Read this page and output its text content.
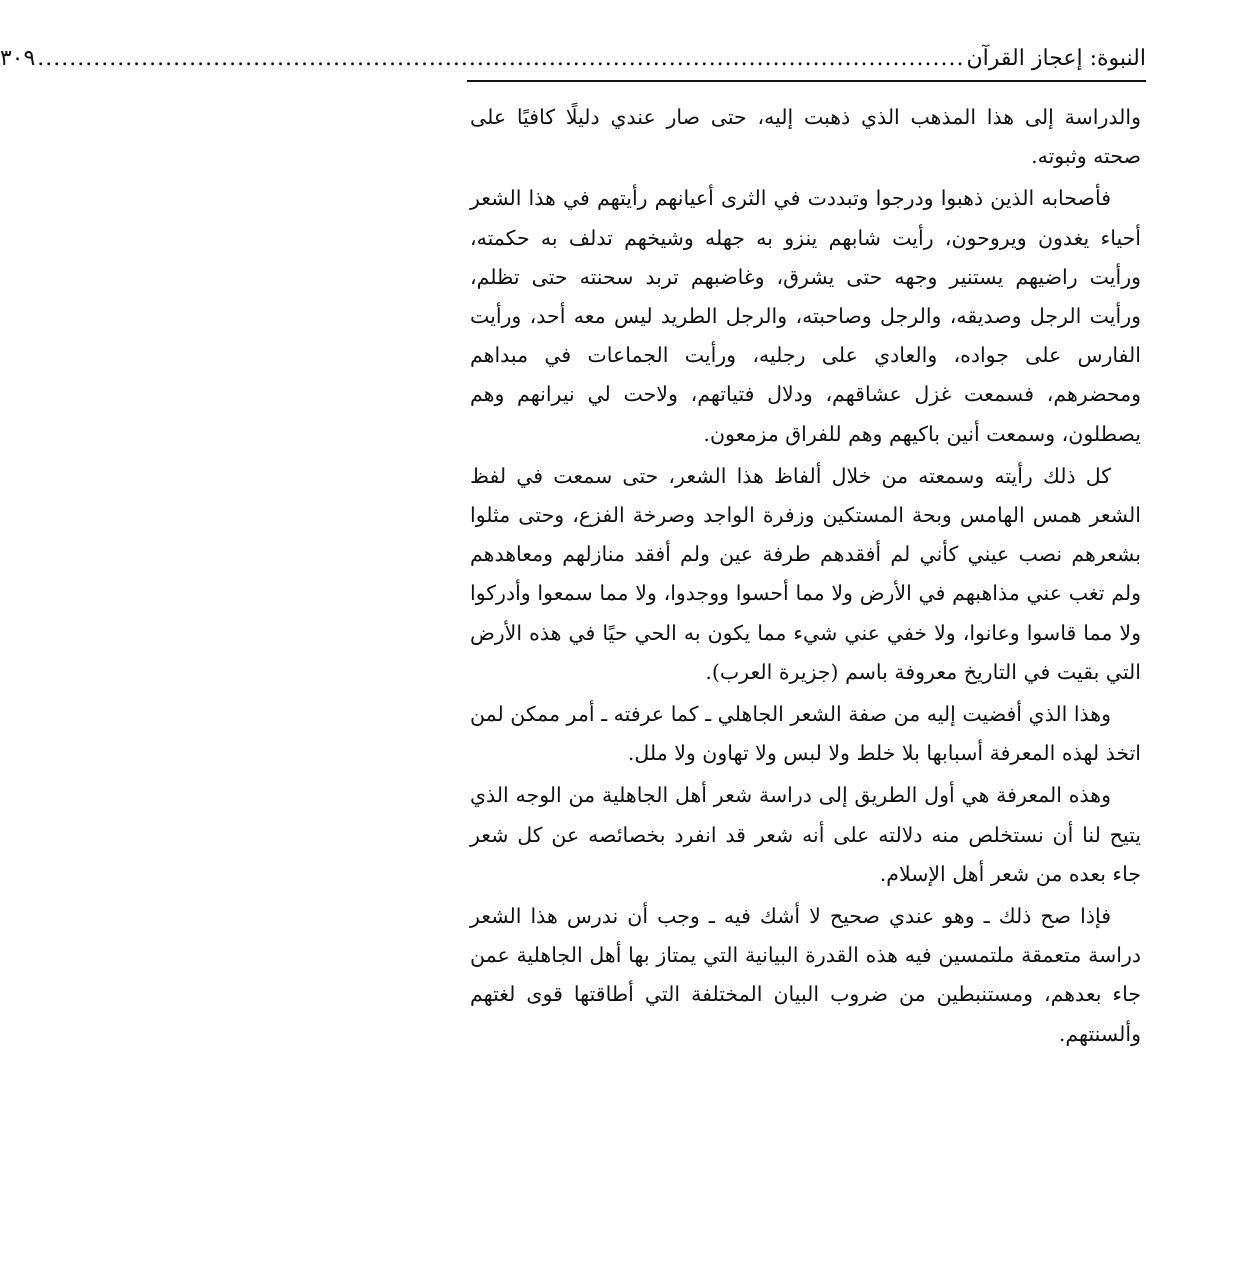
النبوة: إعجاز القرآن
....................................................................................................................
٣٠٩

والدراسة إلى هذا المذهب الذي ذهبت إليه، حتى صار عندي دليلًا كافيًا على صحته وثبوته.

فأصحابه الذين ذهبوا ودرجوا وتبددت في الثرى أعيانهم رأيتهم في هذا الشعر أحياء يغدون ويروحون، رأيت شابهم ينزو به جهله وشيخهم تدلف به حكمته، ورأيت راضيهم يستنير وجهه حتى يشرق، وغاضبهم تربد سحنته حتى تظلم، ورأيت الرجل وصديقه، والرجل وصاحبته، والرجل الطريد ليس معه أحد، ورأيت الفارس على جواده، والعادي على رجليه، ورأيت الجماعات في مبداهم ومحضرهم، فسمعت غزل عشاقهم، ودلال فتياتهم، ولاحت لي نيرانهم وهم يصطلون، وسمعت أنين باكيهم وهم للفراق مزمعون.

كل ذلك رأيته وسمعته من خلال ألفاظ هذا الشعر، حتى سمعت في لفظ الشعر همس الهامس وبحة المستكين وزفرة الواجد وصرخة الفزع، وحتى مثلوا بشعرهم نصب عيني كأني لم أفقدهم طرفة عين ولم أفقد منازلهم ومعاهدهم ولم تغب عني مذاهبهم في الأرض ولا مما أحسوا ووجدوا، ولا مما سمعوا وأدركوا ولا مما قاسوا وعانوا، ولا خفي عني شيء مما يكون به الحي حيًا في هذه الأرض التي بقيت في التاريخ معروفة باسم (جزيرة العرب).

وهذا الذي أفضيت إليه من صفة الشعر الجاهلي ـ كما عرفته ـ أمر ممكن لمن اتخذ لهذه المعرفة أسبابها بلا خلط ولا لبس ولا تهاون ولا ملل.

وهذه المعرفة هي أول الطريق إلى دراسة شعر أهل الجاهلية من الوجه الذي يتيح لنا أن نستخلص منه دلالته على أنه شعر قد انفرد بخصائصه عن كل شعر جاء بعده من شعر أهل الإسلام.

فإذا صح ذلك ـ وهو عندي صحيح لا أشك فيه ـ وجب أن ندرس هذا الشعر دراسة متعمقة ملتمسين فيه هذه القدرة البيانية التي يمتاز بها أهل الجاهلية عمن جاء بعدهم، ومستنبطين من ضروب البيان المختلفة التي أطاقتها قوى لغتهم وألسنتهم.
